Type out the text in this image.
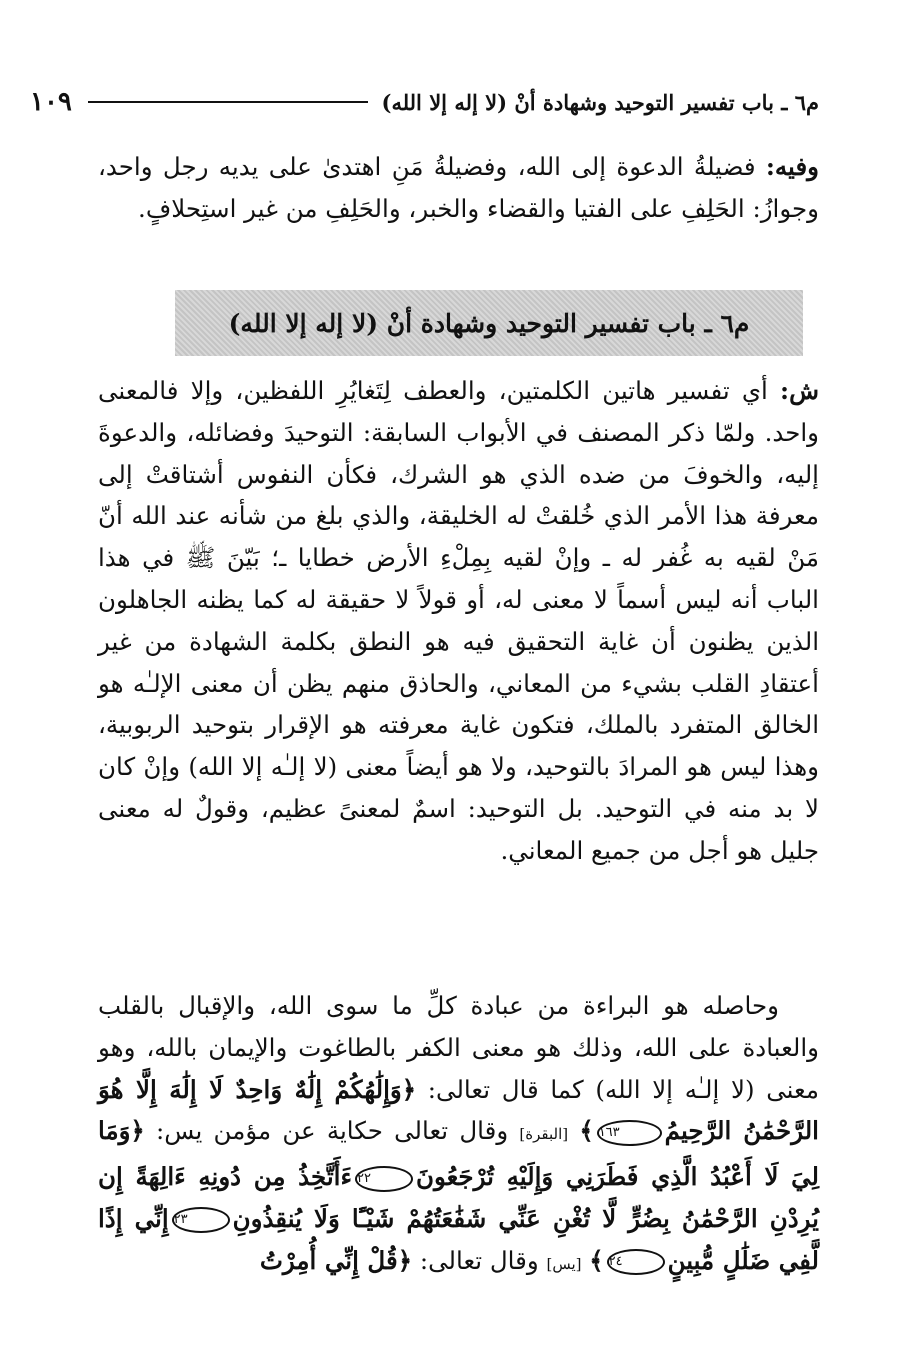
م٦ ـ باب تفسير التوحيد وشهادة أنْ (لا إله إلا الله)
١٠٩

وفيه: فضيلةُ الدعوة إلى الله، وفضيلةُ مَنِ اهتدىٰ على يديه رجل واحد، وجوازُ: الحَلِفِ على الفتيا والقضاء والخبر، والحَلِفِ من غير استِحلافٍ.

م٦ ـ باب تفسير التوحيد وشهادة أنْ (لا إله إلا الله)

ش: أي تفسير هاتين الكلمتين، والعطف لِتَغايُرِ اللفظين، وإلا فالمعنى واحد. ولمّا ذكر المصنف في الأبواب السابقة: التوحيدَ وفضائله، والدعوةَ إليه، والخوفَ من ضده الذي هو الشرك، فكأن النفوس أشتاقتْ إلى معرفة هذا الأمر الذي خُلقتْ له الخليقة، والذي بلغ من شأنه عند الله أنّ مَنْ لقيه به غُفر له ـ وإنْ لقيه بِمِلْءِ الأرض خطايا ـ؛ بَيّنَ ﷺ في هذا الباب أنه ليس أسماً لا معنى له، أو قولاً لا حقيقة له كما يظنه الجاهلون الذين يظنون أن غاية التحقيق فيه هو النطق بكلمة الشهادة من غير أعتقادِ القلب بشيء من المعاني، والحاذق منهم يظن أن معنى الإلـٰه هو الخالق المتفرد بالملك، فتكون غاية معرفته هو الإقرار بتوحيد الربوبية، وهذا ليس هو المرادَ بالتوحيد، ولا هو أيضاً معنى (لا إلـٰه إلا الله) وإنْ كان لا بد منه في التوحيد. بل التوحيد: اسمٌ لمعنىً عظيم، وقولٌ له معنى جليل هو أجل من جميع المعاني.

وحاصله هو البراءة من عبادة كلِّ ما سوى الله، والإقبال بالقلب والعبادة على الله، وذلك هو معنى الكفر بالطاغوت والإيمان بالله، وهو معنى (لا إلـٰه إلا الله) كما قال تعالى: ﴿وَإِلَٰهُكُمْ إِلَٰهٌ وَاحِدٌ لَا إِلَٰهَ إِلَّا هُوَ الرَّحْمَٰنُ الرَّحِيمُ١٦٣﴾ [البقرة] وقال تعالى حكاية عن مؤمن يس: ﴿وَمَا لِيَ لَا أَعْبُدُ الَّذِي فَطَرَنِي وَإِلَيْهِ تُرْجَعُونَ٢٢ءَأَتَّخِذُ مِن دُونِهِ ءَالِهَةً إِن يُرِدْنِ الرَّحْمَٰنُ بِضُرٍّ لَّا تُغْنِ عَنِّي شَفَٰعَتُهُمْ شَيْـًٔا وَلَا يُنقِذُونِ٢٣إِنِّي إِذًا لَّفِي ضَلَٰلٍ مُّبِينٍ٢٤﴾ [يس] وقال تعالى: ﴿قُلْ إِنِّي أُمِرْتُ
